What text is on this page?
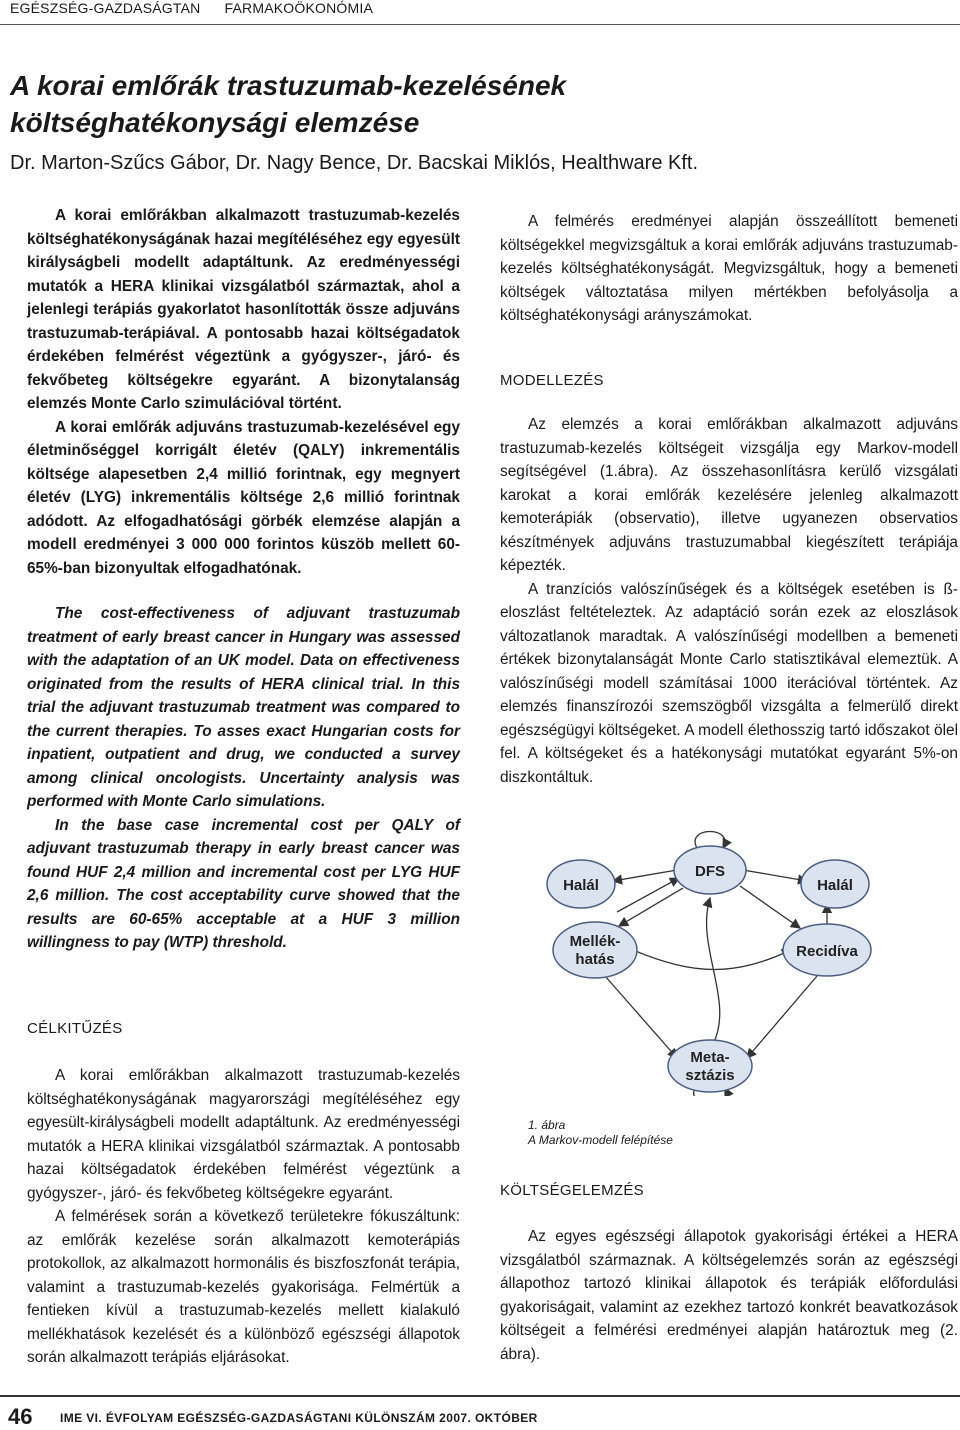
EGÉSZSÉG-GAZDASÁGTAN FARMAKOÖKONÓMIA
A korai emlőrák trastuzumab-kezelésének
költséghatékonysági elemzése
Dr. Marton-Szűcs Gábor, Dr. Nagy Bence, Dr. Bacskai Miklós, Healthware Kft.

A korai emlőrákban alkalmazott trastuzumab-kezelés költséghatékonyságának hazai megítéléséhez egy egyesült királyságbeli modellt adaptáltunk. Az eredményességi mutatók a HERA klinikai vizsgálatból származtak, ahol a jelenlegi terápiás gyakorlatot hasonlították össze adjuváns trastuzumab-terápiával. A pontosabb hazai költségadatok érdekében felmérést végeztünk a gyógyszer-, járó- és fekvőbeteg költségekre egyaránt. A bizonytalanság elemzés Monte Carlo szimulációval történt.

A korai emlőrák adjuváns trastuzumab-kezelésével egy életminőséggel korrigált életév (QALY) inkrementális költsége alapesetben 2,4 millió forintnak, egy megnyert életév (LYG) inkrementális költsége 2,6 millió forintnak adódott. Az elfogadhatósági görbék elemzése alapján a modell eredményei 3 000 000 forintos küszöb mellett 60-65%-ban bizonyultak elfogadhatónak.

The cost-effectiveness of adjuvant trastuzumab treatment of early breast cancer in Hungary was assessed with the adaptation of an UK model. Data on effectiveness originated from the results of HERA clinical trial. In this trial the adjuvant trastuzumab treatment was compared to the current therapies. To asses exact Hungarian costs for inpatient, outpatient and drug, we conducted a survey among clinical oncologists. Uncertainty analysis was performed with Monte Carlo simulations.

In the base case incremental cost per QALY of adjuvant trastuzumab therapy in early breast cancer was found HUF 2,4 million and incremental cost per LYG HUF 2,6 million. The cost acceptability curve showed that the results are 60-65% acceptable at a HUF 3 million willingness to pay (WTP) threshold.

CÉLKITŰZÉS

A korai emlőrákban alkalmazott trastuzumab-kezelés költséghatékonyságának magyarországi megítéléséhez egy egyesült-királyságbeli modellt adaptáltunk. Az eredményességi mutatók a HERA klinikai vizsgálatból származtak. A pontosabb hazai költségadatok érdekében felmérést végeztünk a gyógyszer-, járó- és fekvőbeteg költségekre egyaránt.

A felmérések során a következő területekre fókuszáltunk: az emlőrák kezelése során alkalmazott kemoterápiás protokollok, az alkalmazott hormonális és biszfoszfonát terápia, valamint a trastuzumab-kezelés gyakorisága. Felmértük a fentieken kívül a trastuzumab-kezelés mellett kialakuló mellékhatások kezelését és a különböző egészségi állapotok során alkalmazott terápiás eljárásokat.

A felmérés eredményei alapján összeállított bemeneti költségekkel megvizsgáltuk a korai emlőrák adjuváns trastuzumab-kezelés költséghatékonyságát. Megvizsgáltuk, hogy a bemeneti költségek változtatása milyen mértékben befolyásolja a költséghatékonysági arányszámokat.

MODELLEZÉS

Az elemzés a korai emlőrákban alkalmazott adjuváns trastuzumab-kezelés költségeit vizsgálja egy Markov-modell segítségével (1.ábra). Az összehasonlításra kerülő vizsgálati karokat a korai emlőrák kezelésére jelenleg alkalmazott kemoterápiák (observatio), illetve ugyanezen observatios készítmények adjuváns trastuzumabbal kiegészített terápiája képezték.

A tranzíciós valószínűségek és a költségek esetében is ß-eloszlást feltételeztek. Az adaptáció során ezek az eloszlások változatlanok maradtak. A valószínűségi modellben a bemeneti értékek bizonytalanságát Monte Carlo statisztikával elemeztük. A valószínűségi modell számításai 1000 iterációval történtek. Az elemzés finanszírozói szemszögből vizsgálta a felmerülő direkt egészségügyi költségeket. A modell élethosszig tartó időszakot ölel fel. A költségeket és a hatékonysági mutatókat egyaránt 5%-on diszkontáltuk.

DFS
Halál	Halál
Mellék-
hatás	Recidíva
Meta-
sztázis
1. ábra
A Markov-modell felépítése
KÖLTSÉGELEMZÉS

Az egyes egészségi állapotok gyakorisági értékei a HERA vizsgálatból származnak. A költségelemzés során az egészségi állapothoz tartozó klinikai állapotok és terápiák előfordulási gyakoriságait, valamint az ezekhez tartozó konkrét beavatkozások költségeit a felmérési eredményei alapján határoztuk meg (2. ábra).

46 IME VI. ÉVFOLYAM EGÉSZSÉG-GAZDASÁGTANI KÜLÖNSZÁM 2007. OKTÓBER
